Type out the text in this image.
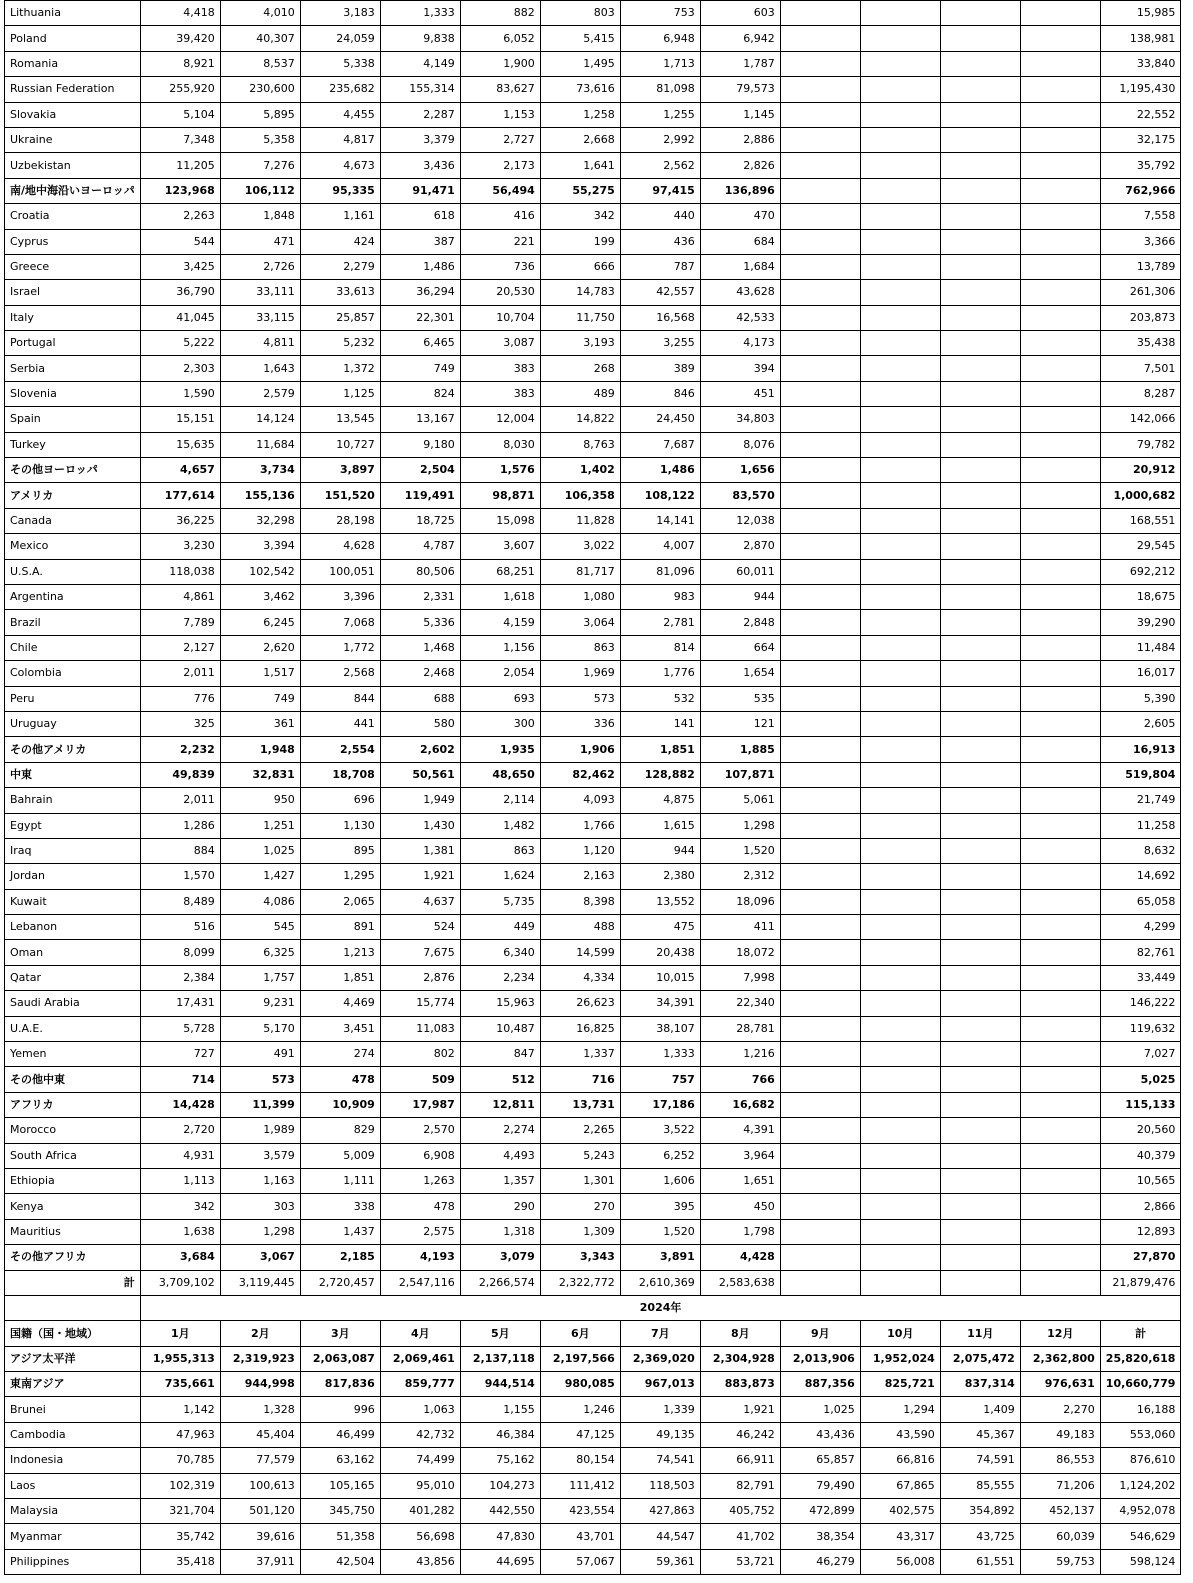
Lithuania	4,418	4,010	3,183	1,333	882	803	753	603					15,985
Poland	39,420	40,307	24,059	9,838	6,052	5,415	6,948	6,942					138,981
Romania	8,921	8,537	5,338	4,149	1,900	1,495	1,713	1,787					33,840
Russian Federation	255,920	230,600	235,682	155,314	83,627	73,616	81,098	79,573					1,195,430
Slovakia	5,104	5,895	4,455	2,287	1,153	1,258	1,255	1,145					22,552
Ukraine	7,348	5,358	4,817	3,379	2,727	2,668	2,992	2,886					32,175
Uzbekistan	11,205	7,276	4,673	3,436	2,173	1,641	2,562	2,826					35,792
南/地中海沿いヨーロッパ	123,968	106,112	95,335	91,471	56,494	55,275	97,415	136,896					762,966
Croatia	2,263	1,848	1,161	618	416	342	440	470					7,558
Cyprus	544	471	424	387	221	199	436	684					3,366
Greece	3,425	2,726	2,279	1,486	736	666	787	1,684					13,789
Israel	36,790	33,111	33,613	36,294	20,530	14,783	42,557	43,628					261,306
Italy	41,045	33,115	25,857	22,301	10,704	11,750	16,568	42,533					203,873
Portugal	5,222	4,811	5,232	6,465	3,087	3,193	3,255	4,173					35,438
Serbia	2,303	1,643	1,372	749	383	268	389	394					7,501
Slovenia	1,590	2,579	1,125	824	383	489	846	451					8,287
Spain	15,151	14,124	13,545	13,167	12,004	14,822	24,450	34,803					142,066
Turkey	15,635	11,684	10,727	9,180	8,030	8,763	7,687	8,076					79,782
その他ヨーロッパ	4,657	3,734	3,897	2,504	1,576	1,402	1,486	1,656					20,912
アメリカ	177,614	155,136	151,520	119,491	98,871	106,358	108,122	83,570					1,000,682
Canada	36,225	32,298	28,198	18,725	15,098	11,828	14,141	12,038					168,551
Mexico	3,230	3,394	4,628	4,787	3,607	3,022	4,007	2,870					29,545
U.S.A.	118,038	102,542	100,051	80,506	68,251	81,717	81,096	60,011					692,212
Argentina	4,861	3,462	3,396	2,331	1,618	1,080	983	944					18,675
Brazil	7,789	6,245	7,068	5,336	4,159	3,064	2,781	2,848					39,290
Chile	2,127	2,620	1,772	1,468	1,156	863	814	664					11,484
Colombia	2,011	1,517	2,568	2,468	2,054	1,969	1,776	1,654					16,017
Peru	776	749	844	688	693	573	532	535					5,390
Uruguay	325	361	441	580	300	336	141	121					2,605
その他アメリカ	2,232	1,948	2,554	2,602	1,935	1,906	1,851	1,885					16,913
中東	49,839	32,831	18,708	50,561	48,650	82,462	128,882	107,871					519,804
Bahrain	2,011	950	696	1,949	2,114	4,093	4,875	5,061					21,749
Egypt	1,286	1,251	1,130	1,430	1,482	1,766	1,615	1,298					11,258
Iraq	884	1,025	895	1,381	863	1,120	944	1,520					8,632
Jordan	1,570	1,427	1,295	1,921	1,624	2,163	2,380	2,312					14,692
Kuwait	8,489	4,086	2,065	4,637	5,735	8,398	13,552	18,096					65,058
Lebanon	516	545	891	524	449	488	475	411					4,299
Oman	8,099	6,325	1,213	7,675	6,340	14,599	20,438	18,072					82,761
Qatar	2,384	1,757	1,851	2,876	2,234	4,334	10,015	7,998					33,449
Saudi Arabia	17,431	9,231	4,469	15,774	15,963	26,623	34,391	22,340					146,222
U.A.E.	5,728	5,170	3,451	11,083	10,487	16,825	38,107	28,781					119,632
Yemen	727	491	274	802	847	1,337	1,333	1,216					7,027
その他中東	714	573	478	509	512	716	757	766					5,025
アフリカ	14,428	11,399	10,909	17,987	12,811	13,731	17,186	16,682					115,133
Morocco	2,720	1,989	829	2,570	2,274	2,265	3,522	4,391					20,560
South Africa	4,931	3,579	5,009	6,908	4,493	5,243	6,252	3,964					40,379
Ethiopia	1,113	1,163	1,111	1,263	1,357	1,301	1,606	1,651					10,565
Kenya	342	303	338	478	290	270	395	450					2,866
Mauritius	1,638	1,298	1,437	2,575	1,318	1,309	1,520	1,798					12,893
その他アフリカ	3,684	3,067	2,185	4,193	3,079	3,343	3,891	4,428					27,870
計	3,709,102	3,119,445	2,720,457	2,547,116	2,266,574	2,322,772	2,610,369	2,583,638					21,879,476
	2024年												
国籍（国・地域）	1月	2月	3月	4月	5月	6月	7月	8月	9月	10月	11月	12月	計
アジア太平洋	1,955,313	2,319,923	2,063,087	2,069,461	2,137,118	2,197,566	2,369,020	2,304,928	2,013,906	1,952,024	2,075,472	2,362,800	25,820,618
東南アジア	735,661	944,998	817,836	859,777	944,514	980,085	967,013	883,873	887,356	825,721	837,314	976,631	10,660,779
Brunei	1,142	1,328	996	1,063	1,155	1,246	1,339	1,921	1,025	1,294	1,409	2,270	16,188
Cambodia	47,963	45,404	46,499	42,732	46,384	47,125	49,135	46,242	43,436	43,590	45,367	49,183	553,060
Indonesia	70,785	77,579	63,162	74,499	75,162	80,154	74,541	66,911	65,857	66,816	74,591	86,553	876,610
Laos	102,319	100,613	105,165	95,010	104,273	111,412	118,503	82,791	79,490	67,865	85,555	71,206	1,124,202
Malaysia	321,704	501,120	345,750	401,282	442,550	423,554	427,863	405,752	472,899	402,575	354,892	452,137	4,952,078
Myanmar	35,742	39,616	51,358	56,698	47,830	43,701	44,547	41,702	38,354	43,317	43,725	60,039	546,629
Philippines	35,418	37,911	42,504	43,856	44,695	57,067	59,361	53,721	46,279	56,008	61,551	59,753	598,124
